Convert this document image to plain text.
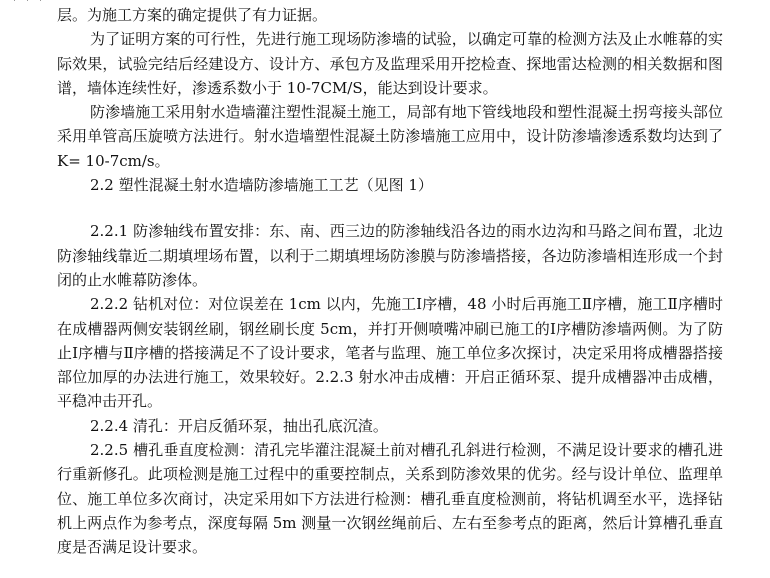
层。为施工方案的确定提供了有力证据。

为了证明方案的可行性，先进行施工现场防渗墙的试验，以确定可靠的检测方法及止水帷幕的实际效果，试验完结后经建设方、设计方、承包方及监理采用开挖检查、探地雷达检测的相关数据和图谱，墙体连续性好，渗透系数小于 10-7CM/S，能达到设计要求。

防渗墙施工采用射水造墙灌注塑性混凝土施工，局部有地下管线地段和塑性混凝土拐弯接头部位采用单管高压旋喷方法进行。射水造墙塑性混凝土防渗墙施工应用中，设计防渗墙渗透系数均达到了 K= 10-7cm/s。

2.2 塑性混凝土射水造墙防渗墙施工工艺（见图 1）

2.2.1 防渗轴线布置安排：东、南、西三边的防渗轴线沿各边的雨水边沟和马路之间布置，北边防渗轴线靠近二期填埋场布置，以利于二期填埋场防渗膜与防渗墙搭接，各边防渗墙相连形成一个封闭的止水帷幕防渗体。

2.2.2 钻机对位：对位误差在 1cm 以内，先施工Ⅰ序槽，48 小时后再施工Ⅱ序槽，施工Ⅱ序槽时在成槽器两侧安装钢丝刷，钢丝刷长度 5cm，并打开侧喷嘴冲刷已施工的Ⅰ序槽防渗墙两侧。为了防止Ⅰ序槽与Ⅱ序槽的搭接满足不了设计要求，笔者与监理、施工单位多次探讨，决定采用将成槽器搭接部位加厚的办法进行施工，效果较好。2.2.3 射水冲击成槽：开启正循环泵、提升成槽器冲击成槽，平稳冲击开孔。

2.2.4 清孔：开启反循环泵，抽出孔底沉渣。

2.2.5 槽孔垂直度检测：清孔完毕灌注混凝土前对槽孔孔斜进行检测，不满足设计要求的槽孔进行重新修孔。此项检测是施工过程中的重要控制点，关系到防渗效果的优劣。经与设计单位、监理单位、施工单位多次商讨，决定采用如下方法进行检测：槽孔垂直度检测前，将钻机调至水平，选择钻机上两点作为参考点，深度每隔 5m 测量一次钢丝绳前后、左右至参考点的距离，然后计算槽孔垂直度是否满足设计要求。
